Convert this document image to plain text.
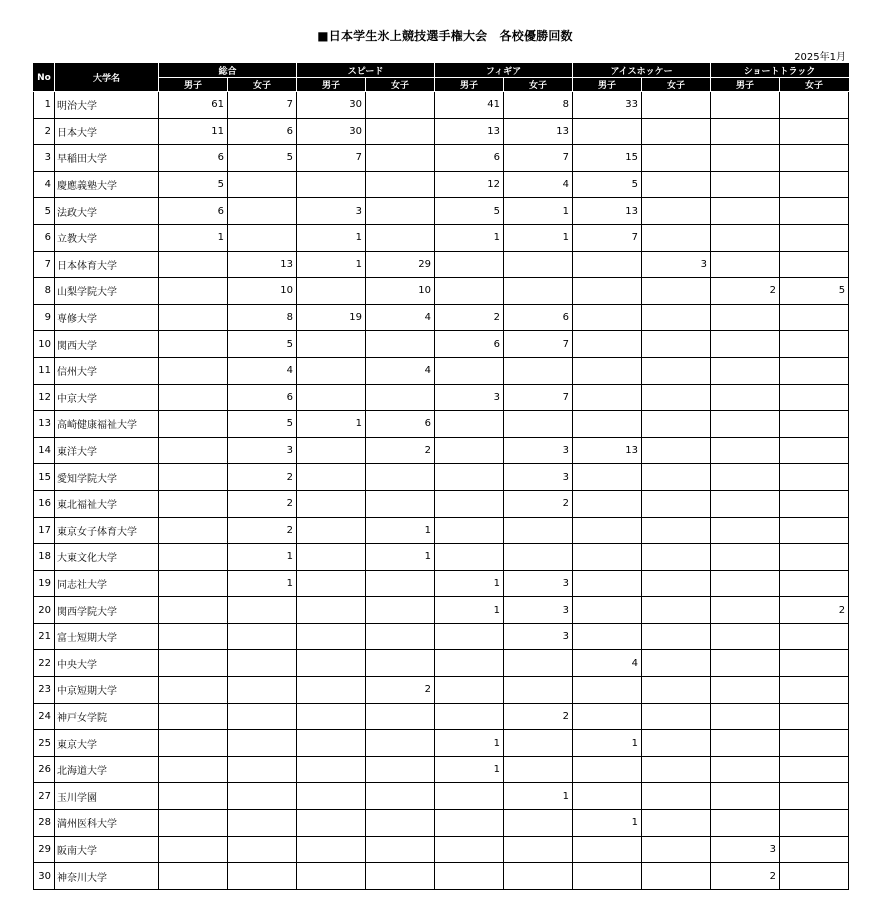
■日本学生氷上競技選手権大会　各校優勝回数
2025年1月
No	大学名	総合		スピード		フィギア		アイスホッケー		ショートトラック	
		男子	女子	男子	女子	男子	女子	男子	女子	男子	女子
1	明治大学	61	7	30		41	8	33			
2	日本大学	11	6	30		13	13				
3	早稲田大学	6	5	7		6	7	15			
4	慶應義塾大学	5				12	4	5			
5	法政大学	6		3		5	1	13			
6	立教大学	1		1		1	1	7			
7	日本体育大学		13	1	29				3		
8	山梨学院大学		10		10					2	5
9	専修大学		8	19	4	2	6				
10	関西大学		5			6	7				
11	信州大学		4		4						
12	中京大学		6			3	7				
13	高崎健康福祉大学		5	1	6						
14	東洋大学		3		2		3	13			
15	愛知学院大学		2				3				
16	東北福祉大学		2				2				
17	東京女子体育大学		2		1						
18	大東文化大学		1		1						
19	同志社大学		1			1	3				
20	関西学院大学					1	3				2
21	富士短期大学						3				
22	中央大学							4			
23	中京短期大学				2						
24	神戸女学院						2				
25	東京大学					1		1			
26	北海道大学					1					
27	玉川学園						1				
28	満州医科大学							1			
29	阪南大学									3	
30	神奈川大学									2	
